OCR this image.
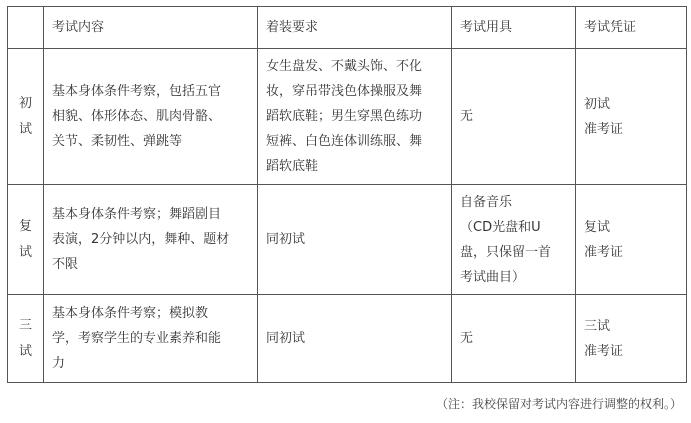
	考试内容	着装要求	考试用具	考试凭证

初
试	基本身体条件考察，包括五官
相貌、体形体态、肌肉骨骼、
关节、柔韧性、弹跳等	女生盘发、不戴头饰、不化
妆，穿吊带浅色体操服及舞
蹈软底鞋；男生穿黑色练功
短裤、白色连体训练服、舞
蹈软底鞋	无	初试
准考证

复
试	基本身体条件考察；舞蹈剧目
表演，2分钟以内，舞种、题材
不限	同初试	自备音乐
（CD光盘和U
盘，只保留一首
考试曲目）	复试
准考证

三
试	基本身体条件考察；模拟教
学，考察学生的专业素养和能
力	同初试	无	三试
准考证
（注：我校保留对考试内容进行调整的权利。）
